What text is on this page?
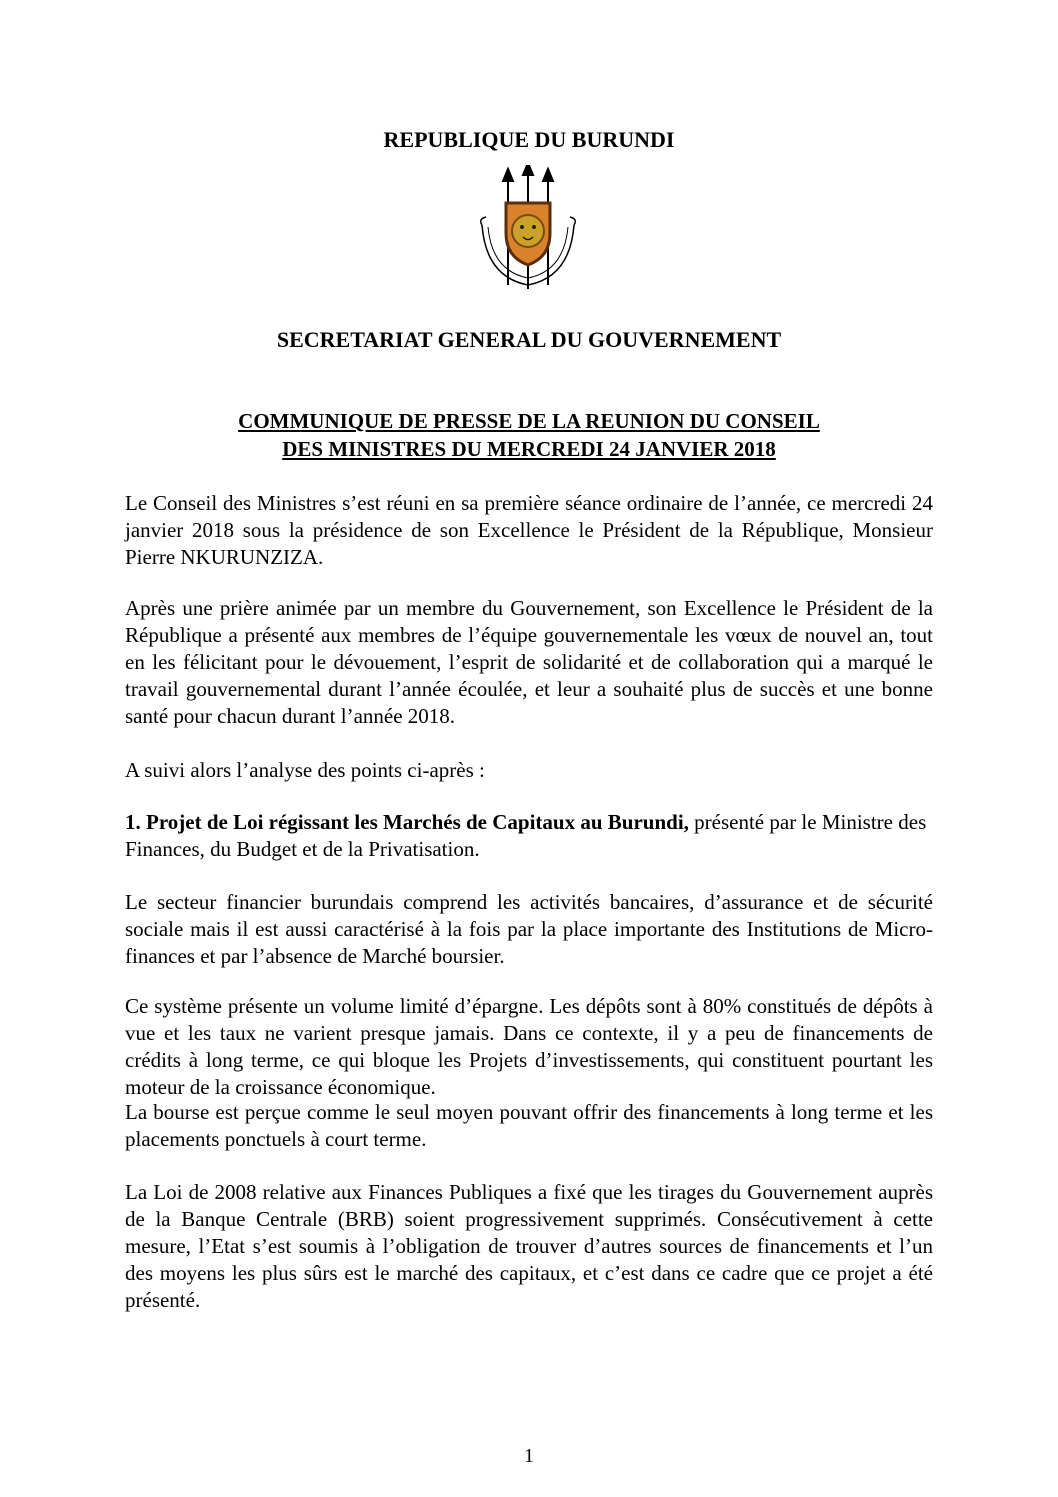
REPUBLIQUE DU BURUNDI
SECRETARIAT GENERAL DU GOUVERNEMENT

COMMUNIQUE DE PRESSE DE LA REUNION DU CONSEIL

DES MINISTRES DU MERCREDI 24 JANVIER 2018

Le Conseil des Ministres s’est réuni en sa première séance ordinaire de l’année, ce mercredi 24 janvier 2018 sous la présidence de son Excellence le Président de la République, Monsieur Pierre NKURUNZIZA.

Après une prière animée par un membre du Gouvernement, son Excellence le Président de la République a présenté aux membres de l’équipe gouvernementale les vœux de nouvel an, tout en les félicitant pour le dévouement, l’esprit de solidarité et de collaboration qui a marqué le travail gouvernemental durant l’année écoulée, et leur a souhaité plus de succès et une bonne santé pour chacun durant l’année 2018.

A suivi alors l’analyse des points ci-après :

1. Projet de Loi régissant les Marchés de Capitaux au Burundi, présenté par le Ministre des Finances, du Budget et de la Privatisation.

Le secteur financier burundais comprend les activités bancaires, d’assurance et de sécurité sociale mais il est aussi caractérisé à la fois par la place importante des Institutions de Micro-finances et par l’absence de Marché boursier.

Ce système présente un volume limité d’épargne. Les dépôts sont à 80% constitués de dépôts à vue et les taux ne varient presque jamais. Dans ce contexte, il y a peu de financements de crédits à long terme, ce qui bloque les Projets d’investissements, qui constituent pourtant les moteur de la croissance économique.

La bourse est perçue comme le seul moyen pouvant offrir des financements à long terme et les placements ponctuels à court terme.

La Loi de 2008 relative aux Finances Publiques a fixé que les tirages du Gouvernement auprès de la Banque Centrale (BRB) soient progressivement supprimés. Consécutivement à cette mesure, l’Etat s’est soumis à l’obligation de trouver d’autres sources de financements et l’un des moyens les plus sûrs est le marché des capitaux, et c’est dans ce cadre que ce projet a été présenté.

1
